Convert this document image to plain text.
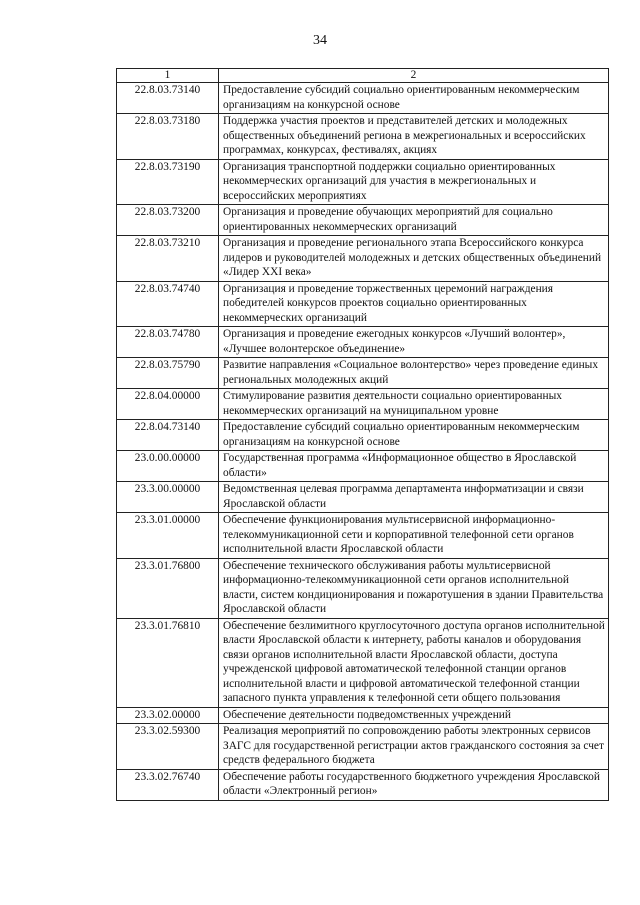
34
1	2
22.8.03.73140	Предоставление субсидий социально ориентированным некоммерческим организациям на конкурсной основе
22.8.03.73180	Поддержка участия проектов и представителей детских и молодежных общественных объединений региона в межрегиональных и всероссийских программах, конкурсах, фестивалях, акциях
22.8.03.73190	Организация транспортной поддержки социально ориентированных некоммерческих организаций для участия в межрегиональных и всероссийских мероприятиях
22.8.03.73200	Организация и проведение обучающих мероприятий для социально ориентированных некоммерческих организаций
22.8.03.73210	Организация и проведение регионального этапа Всероссийского конкурса лидеров и руководителей молодежных и детских общественных объединений «Лидер XXI века»
22.8.03.74740	Организация и проведение торжественных церемоний награждения победителей конкурсов проектов социально ориентированных некоммерческих организаций
22.8.03.74780	Организация и проведение ежегодных конкурсов «Лучший волонтер», «Лучшее волонтерское объединение»
22.8.03.75790	Развитие направления «Социальное волонтерство» через проведение единых региональных молодежных акций
22.8.04.00000	Стимулирование развития деятельности социально ориентированных некоммерческих организаций на муниципальном уровне
22.8.04.73140	Предоставление субсидий социально ориентированным некоммерческим организациям на конкурсной основе
23.0.00.00000	Государственная программа «Информационное общество в Ярославской области»
23.3.00.00000	Ведомственная целевая программа департамента информатизации и связи Ярославской области
23.3.01.00000	Обеспечение функционирования мультисервисной информационно-телекоммуникационной сети и корпоративной телефонной сети органов исполнительной власти Ярославской области
23.3.01.76800	Обеспечение технического обслуживания работы мультисервисной информационно-телекоммуникационной сети органов исполнительной власти, систем кондиционирования и пожаротушения в здании Правительства Ярославской области
23.3.01.76810	Обеспечение безлимитного круглосуточного доступа органов исполнительной власти Ярославской области к интернету, работы каналов и оборудования связи органов исполнительной власти Ярославской области, доступа учрежденской цифровой автоматической телефонной станции органов исполнительной власти и цифровой автоматической телефонной станции запасного пункта управления к телефонной сети общего пользования
23.3.02.00000	Обеспечение деятельности подведомственных учреждений
23.3.02.59300	Реализация мероприятий по сопровождению работы электронных сервисов ЗАГС для государственной регистрации актов гражданского состояния за счет средств федерального бюджета
23.3.02.76740	Обеспечение работы государственного бюджетного учреждения Ярославской области «Электронный регион»
